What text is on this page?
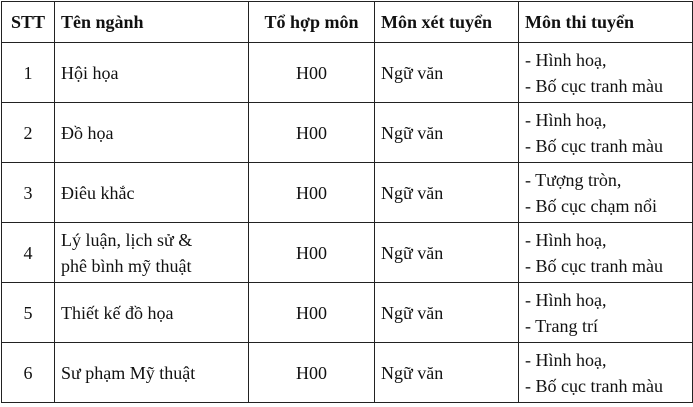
STT	Tên ngành	Tổ hợp môn	Môn xét tuyển	Môn thi tuyển
1	Hội họa	H00	Ngữ văn	- Hình hoạ,
- Bố cục tranh màu

2	Đồ họa	H00	Ngữ văn	- Hình hoạ,
- Bố cục tranh màu

3	Điêu khắc	H00	Ngữ văn	- Tượng tròn,
- Bố cục chạm nổi

4	Lý luận, lịch sử &
phê bình mỹ thuật	H00	Ngữ văn	- Hình hoạ,
- Bố cục tranh màu

5	Thiết kế đồ họa	H00	Ngữ văn	- Hình hoạ,
- Trang trí

6	Sư phạm Mỹ thuật	H00	Ngữ văn	- Hình hoạ,
- Bố cục tranh màu
